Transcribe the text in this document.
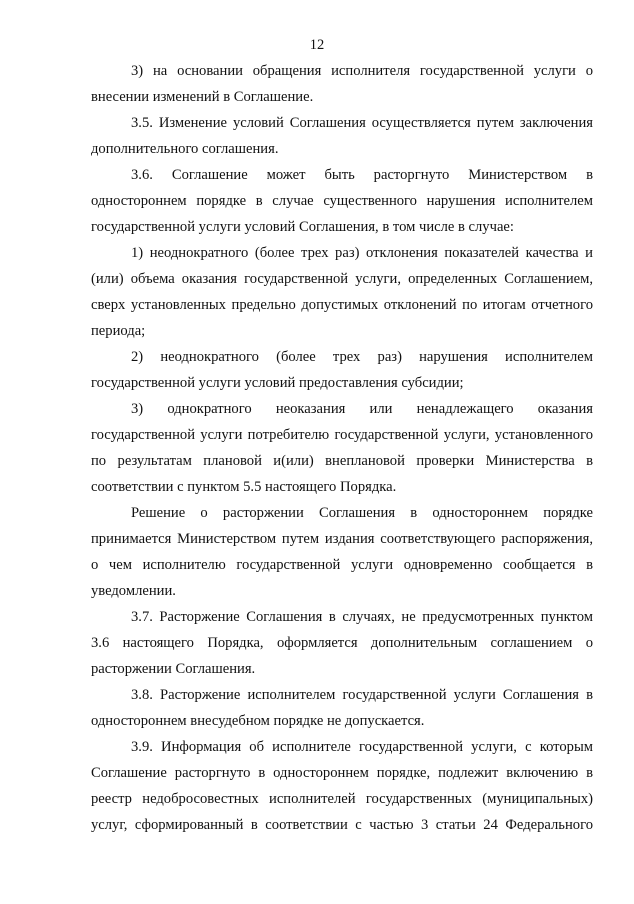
12

3) на основании обращения исполнителя государственной услуги о внесении изменений в Соглашение.

3.5. Изменение условий Соглашения осуществляется путем заключения дополнительного соглашения.

3.6. Соглашение может быть расторгнуто Министерством в одностороннем порядке в случае существенного нарушения исполнителем государственной услуги условий Соглашения, в том числе в случае:

1) неоднократного (более трех раз) отклонения показателей качества и (или) объема оказания государственной услуги, определенных Соглашением, сверх установленных предельно допустимых отклонений по итогам отчетного периода;

2) неоднократного (более трех раз) нарушения исполнителем государственной услуги условий предоставления субсидии;

3) однократного неоказания или ненадлежащего оказания государственной услуги потребителю государственной услуги, установленного по результатам плановой и(или) внеплановой проверки Министерства в соответствии с пунктом 5.5 настоящего Порядка.

Решение о расторжении Соглашения в одностороннем порядке принимается Министерством путем издания соответствующего распоряжения, о чем исполнителю государственной услуги одновременно сообщается в уведомлении.

3.7. Расторжение Соглашения в случаях, не предусмотренных пунктом 3.6 настоящего Порядка, оформляется дополнительным соглашением о расторжении Соглашения.

3.8. Расторжение исполнителем государственной услуги Соглашения в одностороннем внесудебном порядке не допускается.

3.9. Информация об исполнителе государственной услуги, с которым Соглашение расторгнуто в одностороннем порядке, подлежит включению в реестр недобросовестных исполнителей государственных (муниципальных) услуг, сформированный в соответствии с частью 3 статьи 24 Федерального
